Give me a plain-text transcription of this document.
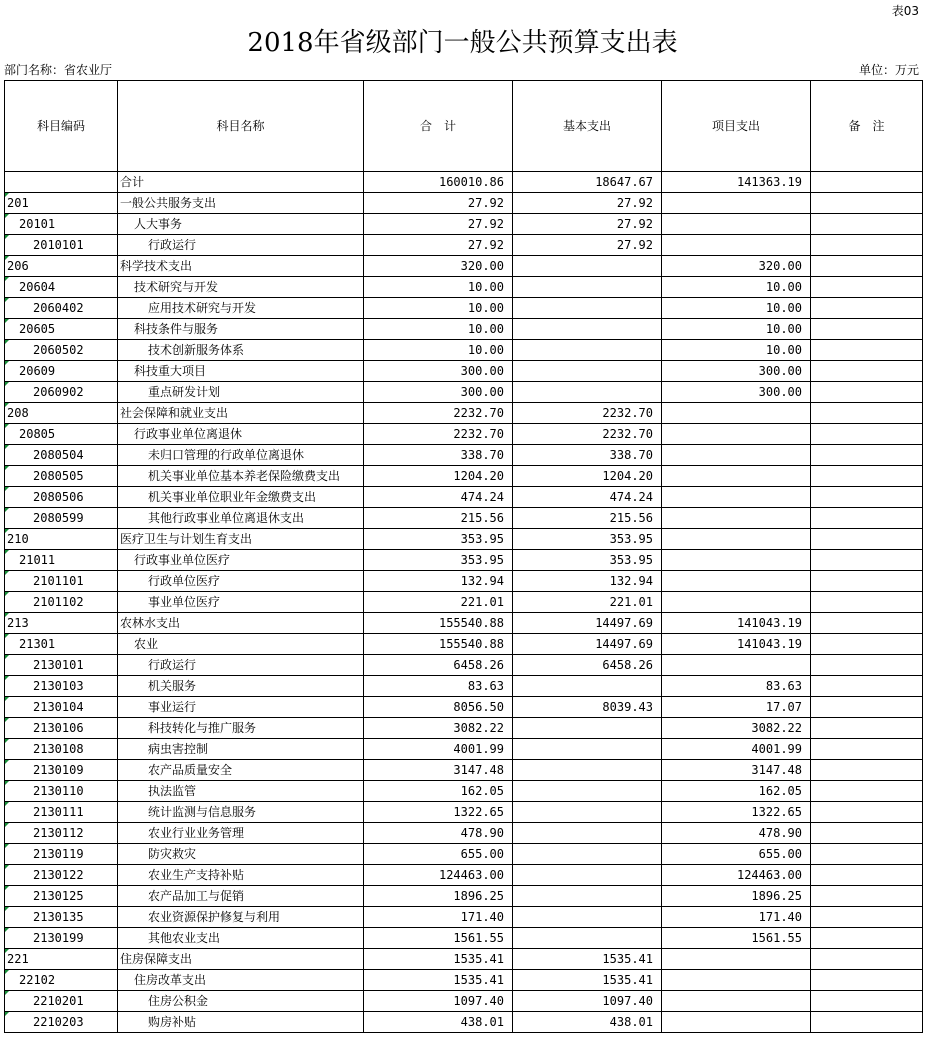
表03
2018年省级部门一般公共预算支出表
部门名称：省农业厅	单位：万元
科目编码	科目名称	合　计	基本支出	项目支出	备　注
	合计	160010.86	18647.67	141363.19	
201	一般公共服务支出	27.92	27.92		
20101	人大事务	27.92	27.92		
2010101	行政运行	27.92	27.92		
206	科学技术支出	320.00		320.00	
20604	技术研究与开发	10.00		10.00	
2060402	应用技术研究与开发	10.00		10.00	
20605	科技条件与服务	10.00		10.00	
2060502	技术创新服务体系	10.00		10.00	
20609	科技重大项目	300.00		300.00	
2060902	重点研发计划	300.00		300.00	
208	社会保障和就业支出	2232.70	2232.70		
20805	行政事业单位离退休	2232.70	2232.70		
2080504	未归口管理的行政单位离退休	338.70	338.70		
2080505	机关事业单位基本养老保险缴费支出	1204.20	1204.20		
2080506	机关事业单位职业年金缴费支出	474.24	474.24		
2080599	其他行政事业单位离退休支出	215.56	215.56		
210	医疗卫生与计划生育支出	353.95	353.95		
21011	行政事业单位医疗	353.95	353.95		
2101101	行政单位医疗	132.94	132.94		
2101102	事业单位医疗	221.01	221.01		
213	农林水支出	155540.88	14497.69	141043.19	
21301	农业	155540.88	14497.69	141043.19	
2130101	行政运行	6458.26	6458.26		
2130103	机关服务	83.63		83.63	
2130104	事业运行	8056.50	8039.43	17.07	
2130106	科技转化与推广服务	3082.22		3082.22	
2130108	病虫害控制	4001.99		4001.99	
2130109	农产品质量安全	3147.48		3147.48	
2130110	执法监管	162.05		162.05	
2130111	统计监测与信息服务	1322.65		1322.65	
2130112	农业行业业务管理	478.90		478.90	
2130119	防灾救灾	655.00		655.00	
2130122	农业生产支持补贴	124463.00		124463.00	
2130125	农产品加工与促销	1896.25		1896.25	
2130135	农业资源保护修复与利用	171.40		171.40	
2130199	其他农业支出	1561.55		1561.55	
221	住房保障支出	1535.41	1535.41		
22102	住房改革支出	1535.41	1535.41		
2210201	住房公积金	1097.40	1097.40		
2210203	购房补贴	438.01	438.01		
